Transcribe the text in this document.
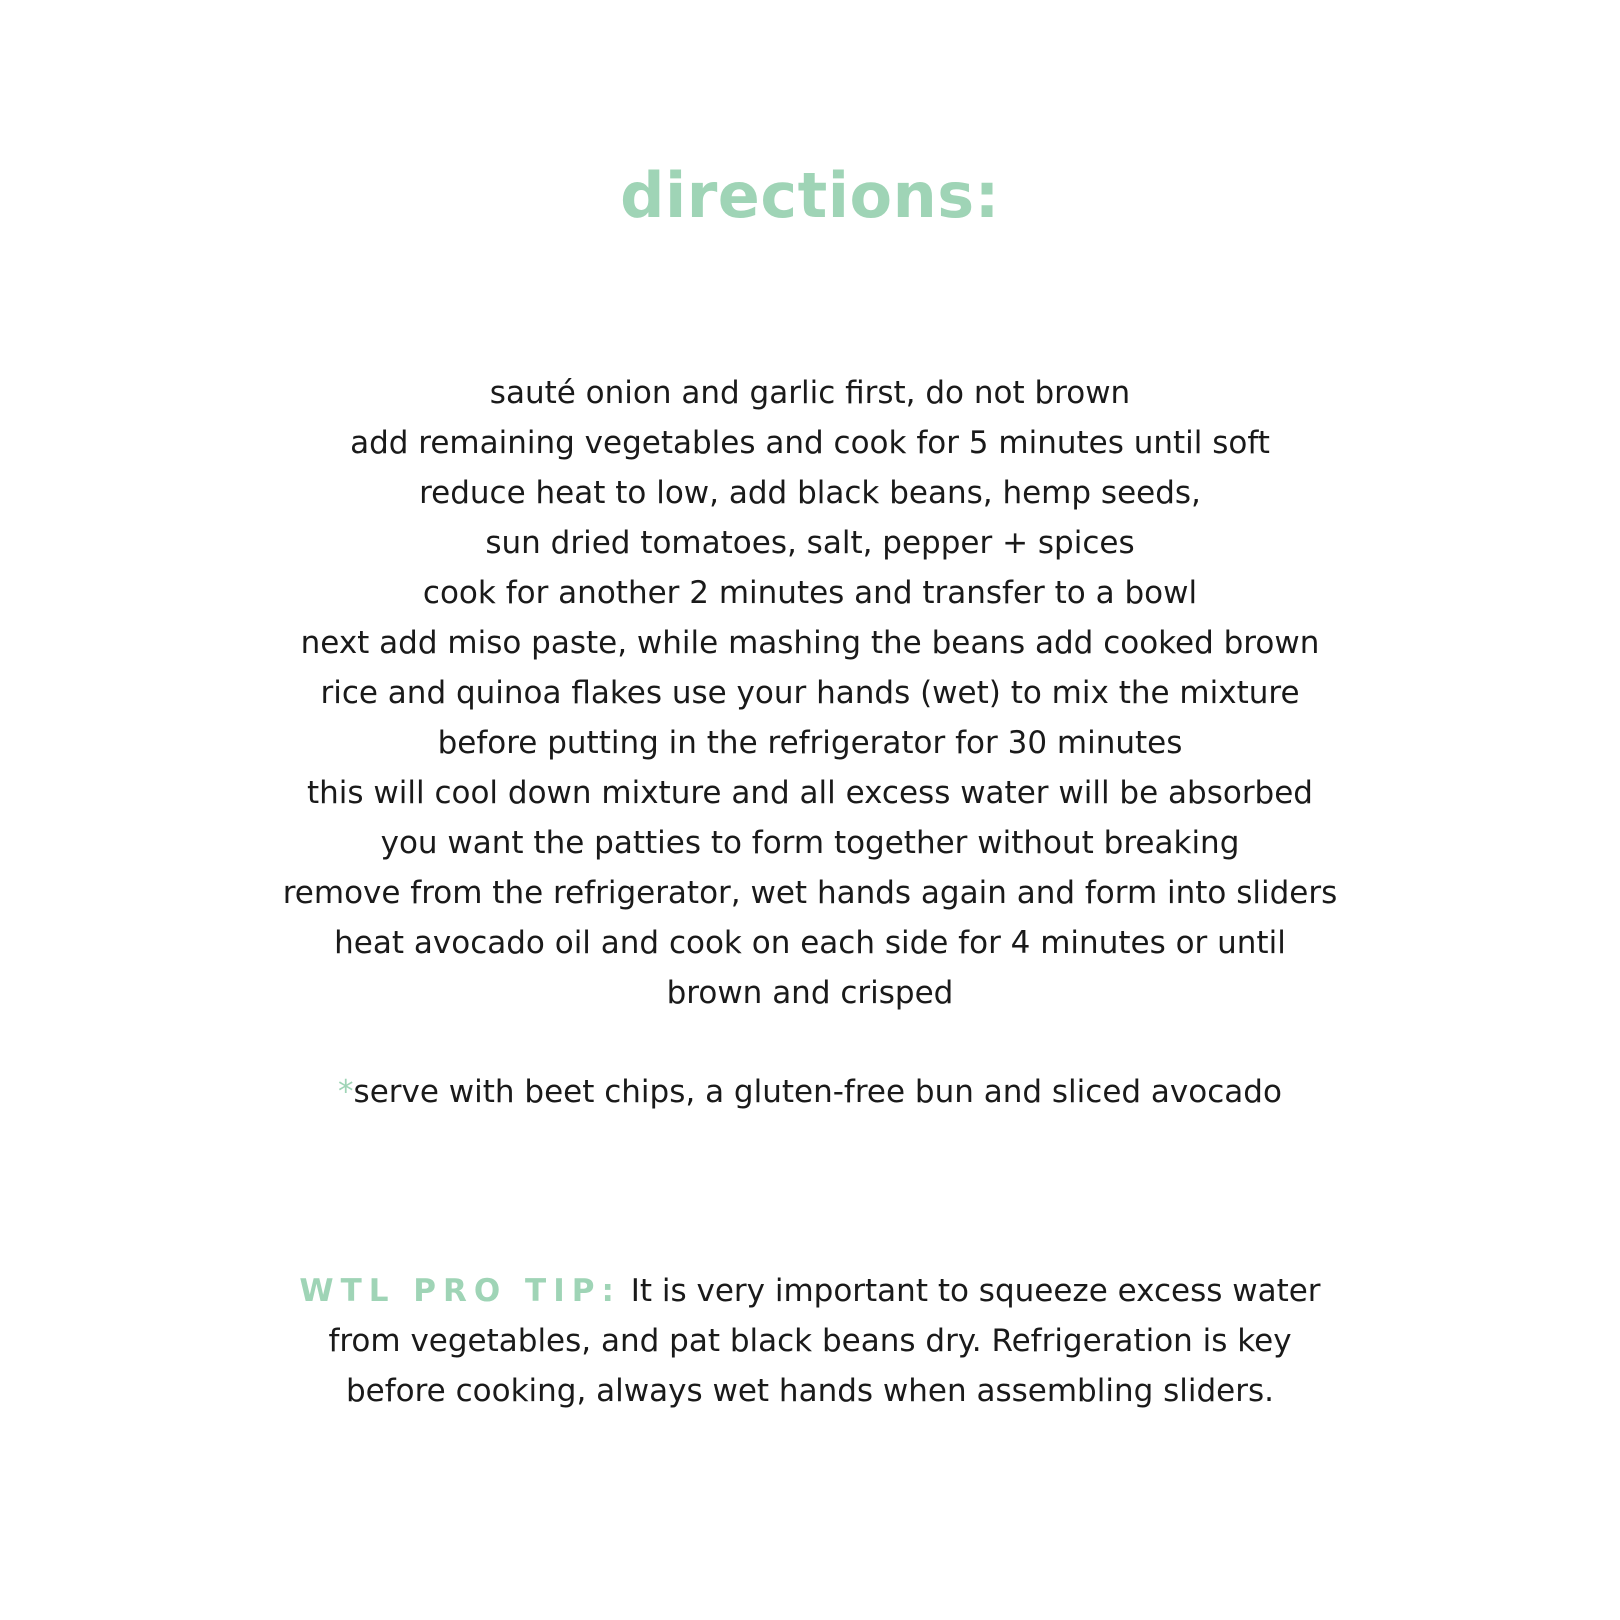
directions:
sauté onion and garlic first, do not brown
add remaining vegetables and cook for 5 minutes until soft
reduce heat to low, add black beans, hemp seeds,
sun dried tomatoes, salt, pepper + spices
cook for another 2 minutes and transfer to a bowl
next add miso paste, while mashing the beans add cooked brown
rice and quinoa flakes use your hands (wet) to mix the mixture
before putting in the refrigerator for 30 minutes
this will cool down mixture and all excess water will be absorbed
you want the patties to form together without breaking
remove from the refrigerator, wet hands again and form into sliders
heat avocado oil and cook on each side for 4 minutes or until
brown and crisped
*serve with beet chips, a gluten-free bun and sliced avocado
WTL PRO TIP: It is very important to squeeze excess water
from vegetables, and pat black beans dry. Refrigeration is key
before cooking, always wet hands when assembling sliders.
